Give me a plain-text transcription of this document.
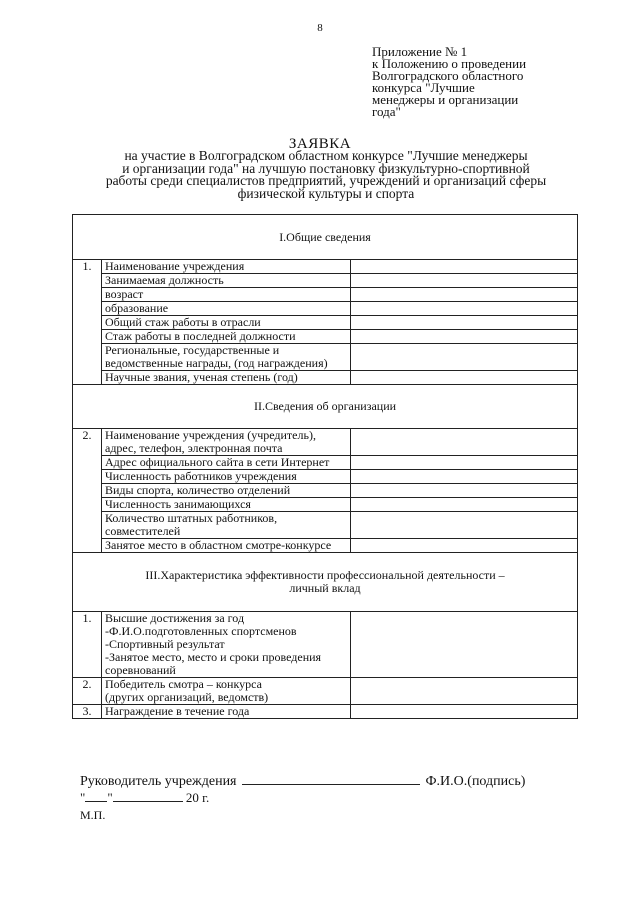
8
Приложение № 1
к Положению о проведении
Волгоградского областного
конкурса "Лучшие
менеджеры и организации
года"
ЗАЯВКА
на участие в Волгоградском областном конкурсе "Лучшие менеджеры
и организации года" на лучшую постановку физкультурно-спортивной
работы среди специалистов предприятий, учреждений и организаций сферы
физической культуры и спорта
I.Общие сведения		
1.	Наименование учреждения	
	Занимаемая должность	
	возраст	
	образование	
	Общий стаж работы в отрасли	
	Стаж работы в последней должности	

	Региональные, государственные и
ведомственные награды, (год награждения)	

	Научные звания, ученая степень (год)	
II.Сведения об организации		
2.	Наименование учреждения (учредитель),
адрес, телефон, электронная почта	

	Адрес официального сайта в сети Интернет	
	Численность работников учреждения	
	Виды спорта, количество отделений	
	Численность занимающихся	

	Количество штатных работников,
совместителей	

	Занятое место в областном смотре-конкурсе	

III.Характеристика эффективности профессиональной деятельности –
личный вклад		

1.	Высшие достижения за год
-Ф.И.О.подготовленных спортсменов
-Спортивный результат
-Занятое место, место и сроки проведения
соревнований	

2.	Победитель смотра – конкурса
(других организаций, ведомств)	

3.	Награждение в течение года	
Руководитель учреждения	Ф.И.О.(подпись)
" "	20 г.
М.П.
